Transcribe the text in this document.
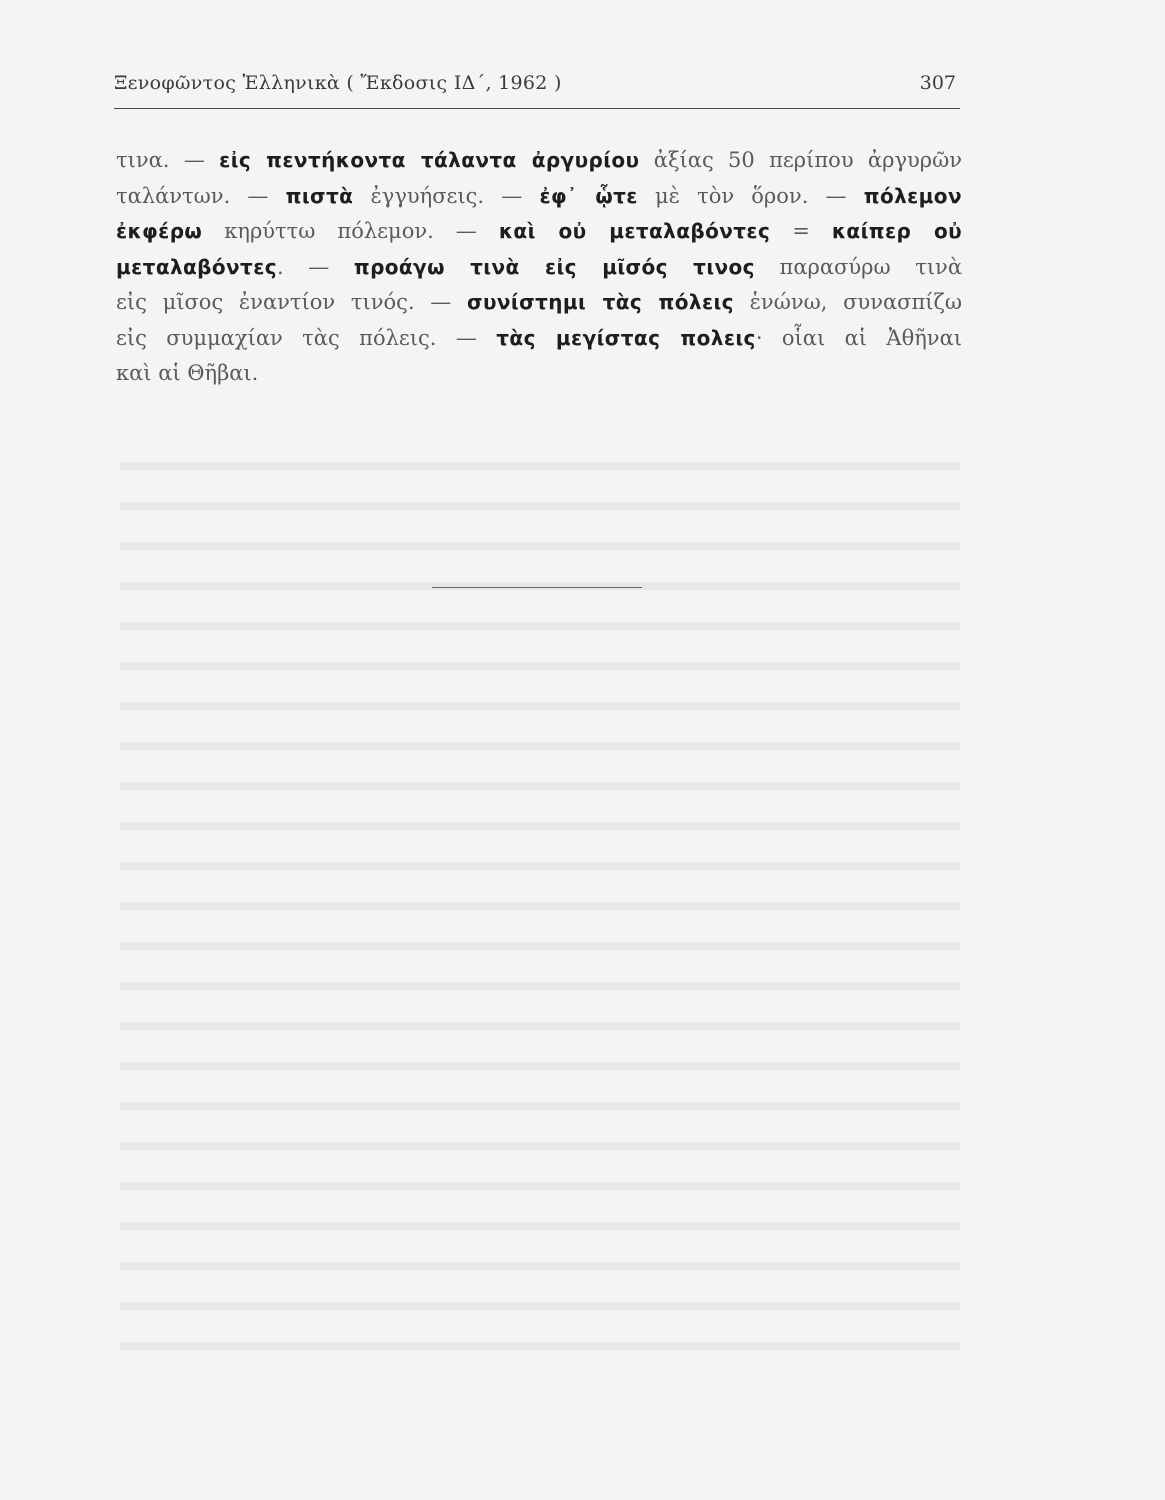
Ξενοφῶντος Ἑλληνικὰ ( Ἔκδοσις ΙΔ΄, 1962 )	307
τινα. — εἰς πεντήκοντα τάλαντα ἀργυρίου ἀξίας 50 περίπου ἀργυρῶν
ταλάντων. — πιστὰ ἐγγυήσεις. — ἐφ᾽ ᾧτε μὲ τὸν ὅρον. — πόλεμον
ἐκφέρω κηρύττω πόλεμον. — καὶ οὐ μεταλαβόντες = καίπερ οὐ
μεταλαβόντες. — προάγω τινὰ εἰς μῖσός τινος παρασύρω τινὰ
εἰς μῖσος ἐναντίον τινός. — συνίστημι τὰς πόλεις ἑνώνω, συνασπίζω
εἰς συμμαχίαν τὰς πόλεις. — τὰς μεγίστας πολεις· οἷαι αἱ Ἀθῆναι
καὶ αἱ Θῆβαι.
